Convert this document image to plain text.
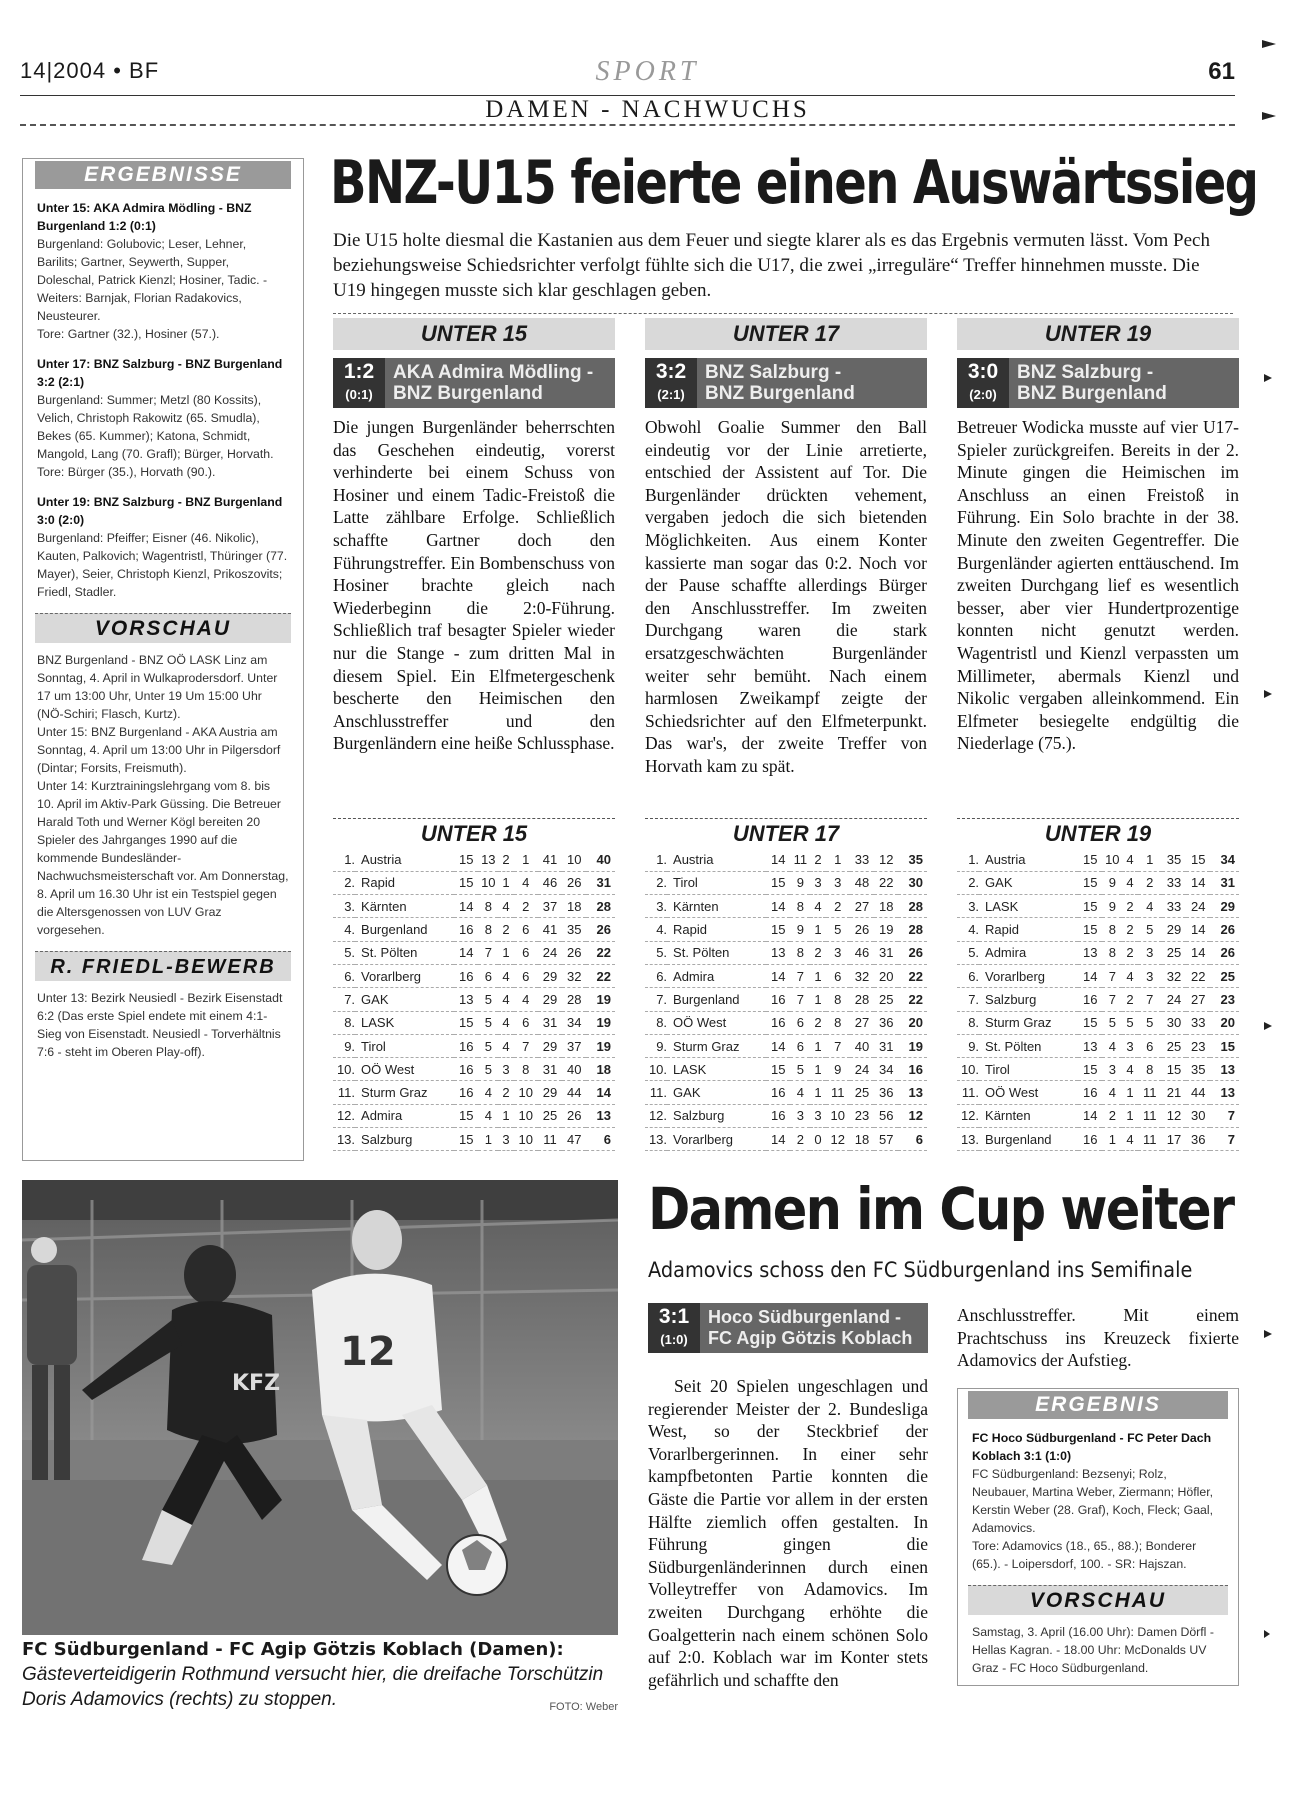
14|2004 • BF	SPORT	61
DAMEN - NACHWUCHS
ERGEBNISSE

Unter 15: AKA Admira Mödling - BNZ Burgenland 1:2 (0:1)
Burgenland: Golubovic; Leser, Lehner, Barilits; Gartner, Seywerth, Supper, Doleschal, Patrick Kienzl; Hosiner, Tadic. - Weiters: Barnjak, Florian Radakovics, Neusteurer.
Tore: Gartner (32.), Hosiner (57.).

Unter 17: BNZ Salzburg - BNZ Burgenland 3:2 (2:1)
Burgenland: Summer; Metzl (80 Kossits), Velich, Christoph Rakowitz (65. Smudla), Bekes (65. Kummer); Katona, Schmidt, Mangold, Lang (70. Grafl); Bürger, Horvath.
Tore: Bürger (35.), Horvath (90.).

Unter 19: BNZ Salzburg - BNZ Burgenland 3:0 (2:0)
Burgenland: Pfeiffer; Eisner (46. Nikolic), Kauten, Palkovich; Wagentristl, Thüringer (77. Mayer), Seier, Christoph Kienzl, Prikoszovits; Friedl, Stadler.

VORSCHAU

BNZ Burgenland - BNZ OÖ LASK Linz am Sonntag, 4. April in Wulkaprodersdorf. Unter 17 um 13:00 Uhr, Unter 19 Um 15:00 Uhr (NÖ-Schiri; Flasch, Kurtz).

Unter 15: BNZ Burgenland - AKA Austria am Sonntag, 4. April um 13:00 Uhr in Pilgersdorf (Dintar; Forsits, Freismuth).

Unter 14: Kurztrainingslehrgang vom 8. bis 10. April im Aktiv-Park Güssing. Die Betreuer Harald Toth und Werner Kögl bereiten 20 Spieler des Jahrganges 1990 auf die kommende Bundesländer-Nachwuchsmeisterschaft vor. Am Donnerstag, 8. April um 16.30 Uhr ist ein Testspiel gegen die Altersgenossen von LUV Graz vorgesehen.

R. FRIEDL-BEWERB
Unter 13: Bezirk Neusiedl - Bezirk Eisenstadt 6:2 (Das erste Spiel endete mit einem 4:1-Sieg von Eisenstadt. Neusiedl - Torverhältnis 7:6 - steht im Oberen Play-off).
BNZ-U15 feierte einen Auswärtssieg
Die U15 holte diesmal die Kastanien aus dem Feuer und siegte klarer als es das Ergebnis vermuten lässt. Vom Pech beziehungsweise Schiedsrichter verfolgt fühlte sich die U17, die zwei „irreguläre“ Treffer hinnehmen musste. Die U19 hingegen musste sich klar geschlagen geben.
UNTER 15
1:2
(0:1)
AKA Admira Mödling -
BNZ Burgenland
Die jungen Burgenländer beherrschten das Geschehen eindeutig, vorerst verhinderte bei einem Schuss von Hosiner und einem Tadic-Freistoß die Latte zählbare Erfolge. Schließlich schaffte Gartner doch den Führungstreffer. Ein Bombenschuss von Hosiner brachte gleich nach Wiederbeginn die 2:0-Führung. Schließlich traf besagter Spieler wieder nur die Stange - zum dritten Mal in diesem Spiel. Ein Elfmetergeschenk bescherte den Heimischen den Anschlusstreffer und den Burgenländern eine heiße Schlussphase.
UNTER 17
3:2
(2:1)
BNZ Salzburg -
BNZ Burgenland
Obwohl Goalie Summer den Ball eindeutig vor der Linie arretierte, entschied der Assistent auf Tor. Die Burgenländer drückten vehement, vergaben jedoch die sich bietenden Möglichkeiten. Aus einem Konter kassierte man sogar das 0:2. Noch vor der Pause schaffte allerdings Bürger den Anschlusstreffer. Im zweiten Durchgang waren die stark ersatzgeschwächten Burgenländer weiter sehr bemüht. Nach einem harmlosen Zweikampf zeigte der Schiedsrichter auf den Elfmeterpunkt. Das war's, der zweite Treffer von Horvath kam zu spät.
UNTER 19
3:0
(2:0)
BNZ Salzburg -
BNZ Burgenland
Betreuer Wodicka musste auf vier U17-Spieler zurückgreifen. Bereits in der 2. Minute gingen die Heimischen im Anschluss an einen Freistoß in Führung. Ein Solo brachte in der 38. Minute den zweiten Gegentreffer. Die Burgenländer agierten enttäuschend. Im zweiten Durchgang lief es wesentlich besser, aber vier Hundertprozentige konnten nicht genutzt werden. Wagentristl und Kienzl verpassten um Millimeter, abermals Kienzl und Nikolic vergaben alleinkommend. Ein Elfmeter besiegelte endgültig die Niederlage (75.).
UNTER 15
1.	Austria	15	13	2	1	41	10	40
2.	Rapid	15	10	1	4	46	26	31
3.	Kärnten	14	8	4	2	37	18	28
4.	Burgenland	16	8	2	6	41	35	26
5.	St. Pölten	14	7	1	6	24	26	22
6.	Vorarlberg	16	6	4	6	29	32	22
7.	GAK	13	5	4	4	29	28	19
8.	LASK	15	5	4	6	31	34	19
9.	Tirol	16	5	4	7	29	37	19
10.	OÖ West	16	5	3	8	31	40	18
11.	Sturm Graz	16	4	2	10	29	44	14
12.	Admira	15	4	1	10	25	26	13
13.	Salzburg	15	1	3	10	11	47	6
UNTER 17
1.	Austria	14	11	2	1	33	12	35
2.	Tirol	15	9	3	3	48	22	30
3.	Kärnten	14	8	4	2	27	18	28
4.	Rapid	15	9	1	5	26	19	28
5.	St. Pölten	13	8	2	3	46	31	26
6.	Admira	14	7	1	6	32	20	22
7.	Burgenland	16	7	1	8	28	25	22
8.	OÖ West	16	6	2	8	27	36	20
9.	Sturm Graz	14	6	1	7	40	31	19
10.	LASK	15	5	1	9	24	34	16
11.	GAK	16	4	1	11	25	36	13
12.	Salzburg	16	3	3	10	23	56	12
13.	Vorarlberg	14	2	0	12	18	57	6
UNTER 19
1.	Austria	15	10	4	1	35	15	34
2.	GAK	15	9	4	2	33	14	31
3.	LASK	15	9	2	4	33	24	29
4.	Rapid	15	8	2	5	29	14	26
5.	Admira	13	8	2	3	25	14	26
6.	Vorarlberg	14	7	4	3	32	22	25
7.	Salzburg	16	7	2	7	24	27	23
8.	Sturm Graz	15	5	5	5	30	33	20
9.	St. Pölten	13	4	3	6	25	23	15
10.	Tirol	15	3	4	8	15	35	13
11.	OÖ West	16	4	1	11	21	44	13
12.	Kärnten	14	2	1	11	12	30	7
13.	Burgenland	16	1	4	11	17	36	7
KFZ
12
FC Südburgenland - FC Agip Götzis Koblach (Damen): Gästeverteidigerin Rothmund versucht hier, die dreifache Torschützin Doris Adamovics (rechts) zu stoppen.	FOTO: Weber
Damen im Cup weiter
Adamovics schoss den FC Südburgenland ins Semifinale
3:1
(1:0)
Hoco Südburgenland -
FC Agip Götzis Koblach
Seit 20 Spielen ungeschlagen und regierender Meister der 2. Bundesliga West, so der Steckbrief der Vorarlbergerinnen. In einer sehr kampfbetonten Partie konnten die Gäste die Partie vor allem in der ersten Hälfte ziemlich offen gestalten. In Führung gingen die Südburgenländerinnen durch einen Volleytreffer von Adamovics. Im zweiten Durchgang erhöhte die Goalgetterin nach einem schönen Solo auf 2:0. Koblach war im Konter stets gefährlich und schaffte den
Anschlusstreffer. Mit einem Prachtschuss ins Kreuzeck fixierte Adamovics der Aufstieg.
ERGEBNIS

FC Hoco Südburgenland - FC Peter Dach Koblach 3:1 (1:0)
FC Südburgenland: Bezsenyi; Rolz, Neubauer, Martina Weber, Ziermann; Höfler, Kerstin Weber (28. Graf), Koch, Fleck; Gaal, Adamovics.
Tore: Adamovics (18., 65., 88.); Bonderer (65.). - Loipersdorf, 100. - SR: Hajszan.

VORSCHAU
Samstag, 3. April (16.00 Uhr): Damen Dörfl - Hellas Kagran. - 18.00 Uhr: McDonalds UV Graz - FC Hoco Südburgenland.
